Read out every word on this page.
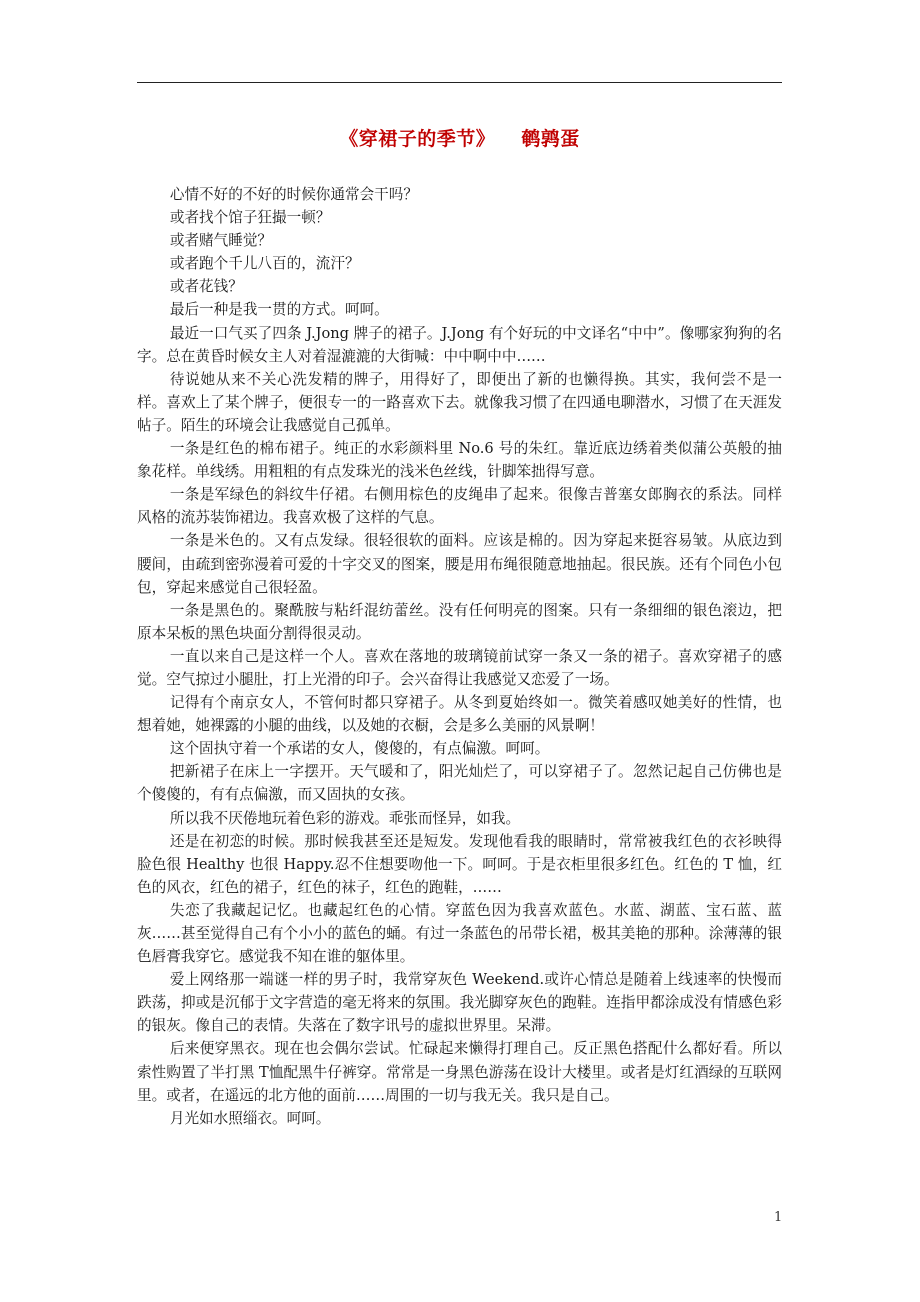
《穿裙子的季节》 鹌鹑蛋

心情不好的不好的时候你通常会干吗？

或者找个馆子狂撮一顿？

或者赌气睡觉？

或者跑个千儿八百的，流汗？

或者花钱？

最后一种是我一贯的方式。呵呵。

最近一口气买了四条 J.Jong 牌子的裙子。J.Jong 有个好玩的中文译名“中中”。像哪家狗狗的名字。总在黄昏时候女主人对着湿漉漉的大街喊：中中啊中中……

待说她从来不关心洗发精的牌子，用得好了，即便出了新的也懒得换。其实，我何尝不是一样。喜欢上了某个牌子，便很专一的一路喜欢下去。就像我习惯了在四通电聊潜水，习惯了在天涯发帖子。陌生的环境会让我感觉自己孤单。

一条是红色的棉布裙子。纯正的水彩颜料里 No.6 号的朱红。靠近底边绣着类似蒲公英般的抽象花样。单线绣。用粗粗的有点发珠光的浅米色丝线，针脚笨拙得写意。

一条是军绿色的斜纹牛仔裙。右侧用棕色的皮绳串了起来。很像吉普塞女郎胸衣的系法。同样风格的流苏装饰裙边。我喜欢极了这样的气息。

一条是米色的。又有点发绿。很轻很软的面料。应该是棉的。因为穿起来挺容易皱。从底边到腰间，由疏到密弥漫着可爱的十字交叉的图案，腰是用布绳很随意地抽起。很民族。还有个同色小包包，穿起来感觉自己很轻盈。

一条是黑色的。聚酰胺与粘纤混纺蕾丝。没有任何明亮的图案。只有一条细细的银色滚边，把原本呆板的黑色块面分割得很灵动。

一直以来自己是这样一个人。喜欢在落地的玻璃镜前试穿一条又一条的裙子。喜欢穿裙子的感觉。空气掠过小腿肚，打上光滑的印子。会兴奋得让我感觉又恋爱了一场。

记得有个南京女人，不管何时都只穿裙子。从冬到夏始终如一。微笑着感叹她美好的性情，也想着她，她裸露的小腿的曲线，以及她的衣橱，会是多么美丽的风景啊！

这个固执守着一个承诺的女人，傻傻的，有点偏激。呵呵。

把新裙子在床上一字摆开。天气暖和了，阳光灿烂了，可以穿裙子了。忽然记起自己仿佛也是个傻傻的，有有点偏激，而又固执的女孩。

所以我不厌倦地玩着色彩的游戏。乖张而怪异，如我。

还是在初恋的时候。那时候我甚至还是短发。发现他看我的眼睛时，常常被我红色的衣衫映得脸色很 Healthy 也很 Happy.忍不住想要吻他一下。呵呵。于是衣柜里很多红色。红色的 T 恤，红色的风衣，红色的裙子，红色的袜子，红色的跑鞋，……

失恋了我藏起记忆。也藏起红色的心情。穿蓝色因为我喜欢蓝色。水蓝、湖蓝、宝石蓝、蓝灰……甚至觉得自己有个小小的蓝色的蛹。有过一条蓝色的吊带长裙，极其美艳的那种。涂薄薄的银色唇膏我穿它。感觉我不知在谁的躯体里。

爱上网络那一端谜一样的男子时，我常穿灰色 Weekend.或许心情总是随着上线速率的快慢而跌荡，抑或是沉郁于文字营造的毫无将来的氛围。我光脚穿灰色的跑鞋。连指甲都涂成没有情感色彩的银灰。像自己的表情。失落在了数字讯号的虚拟世界里。呆滞。

后来便穿黑衣。现在也会偶尔尝试。忙碌起来懒得打理自己。反正黑色搭配什么都好看。所以索性购置了半打黑 T恤配黑牛仔裤穿。常常是一身黑色游荡在设计大楼里。或者是灯红酒绿的互联网里。或者，在遥远的北方他的面前……周围的一切与我无关。我只是自己。

月光如水照缁衣。呵呵。

1
